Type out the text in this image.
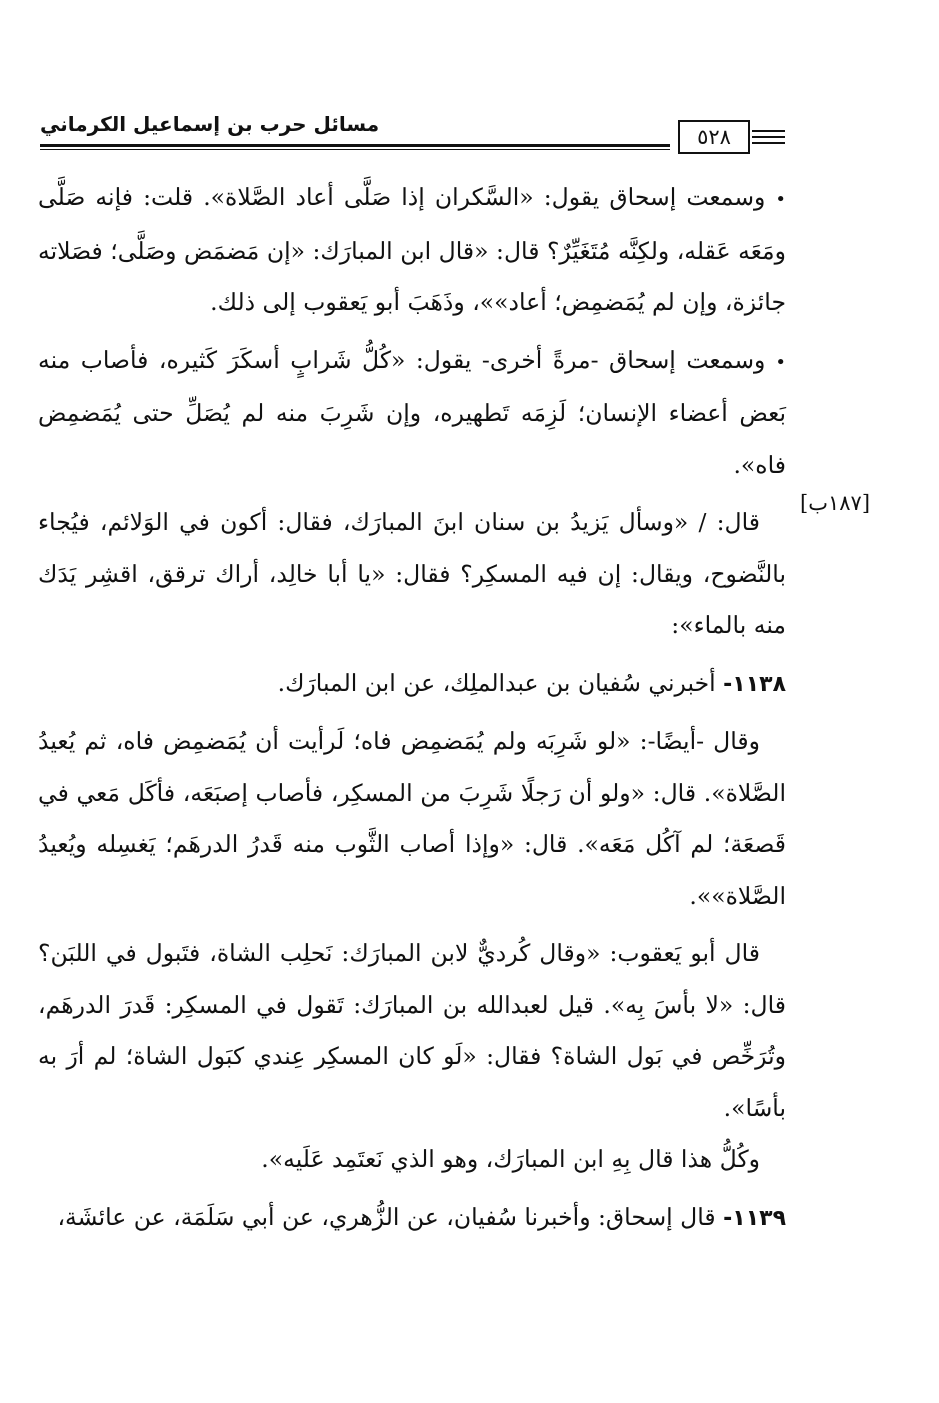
مسائل حرب بن إسماعيل الكرماني
٥٢٨
[١٨٧ب]

•وسمعت إسحاق يقول: «السَّكران إذا صَلَّى أعاد الصَّلاة». قلت: فإنه صَلَّى ومَعَه عَقله، ولكِنَّه مُتَغَيِّرٌ؟ قال: «قال ابن المبارَك: «إن مَضمَض وصَلَّى؛ فصَلاته جائزة، وإن لم يُمَضمِض؛ أعاد»»، وذَهَبَ أبو يَعقوب إلى ذلك.

•وسمعت إسحاق -مرةً أخرى- يقول: «كُلُّ شَرابٍ أسكَرَ كَثيره، فأصاب منه بَعض أعضاء الإنسان؛ لَزِمَه تَطهيره، وإن شَرِبَ منه لم يُصَلِّ حتى يُمَضمِض فاه».

قال: / «وسأل يَزيدُ بن سنان ابنَ المبارَك، فقال: أكون في الوَلائم، فيُجاء بالنَّضوح، ويقال: إن فيه المسكِر؟ فقال: «يا أبا خالِد، أراك ترقق، اقشِر يَدَك منه بالماء»:

١١٣٨- أخبرني سُفيان بن عبدالملِك، عن ابن المبارَك.

وقال -أيضًا-: «لو شَرِبَه ولم يُمَضمِض فاه؛ لَرأيت أن يُمَضمِض فاه، ثم يُعيدُ الصَّلاة». قال: «ولو أن رَجلًا شَرِبَ من المسكِر، فأصاب إصبَعَه، فأكَل مَعي في قَصعَة؛ لم آكُل مَعَه». قال: «وإذا أصاب الثَّوب منه قَدرُ الدرهَم؛ يَغسِله ويُعيدُ الصَّلاة»».

قال أبو يَعقوب: «وقال كُرديٌّ لابن المبارَك: نَحلِب الشاة، فتَبول في اللبَن؟ قال: «لا بأسَ بِه». قيل لعبدالله بن المبارَك: تَقول في المسكِر: قَدرَ الدرهَم، وتُرَخِّص في بَول الشاة؟ فقال: «لَو كان المسكِر عِندي كبَول الشاة؛ لم أرَ به بأسًا».

وكُلُّ هذا قال بِهِ ابن المبارَك، وهو الذي نَعتَمِد عَلَيه».

١١٣٩- قال إسحاق: وأخبرنا سُفيان، عن الزُّهري، عن أبي سَلَمَة، عن عائشَة،
